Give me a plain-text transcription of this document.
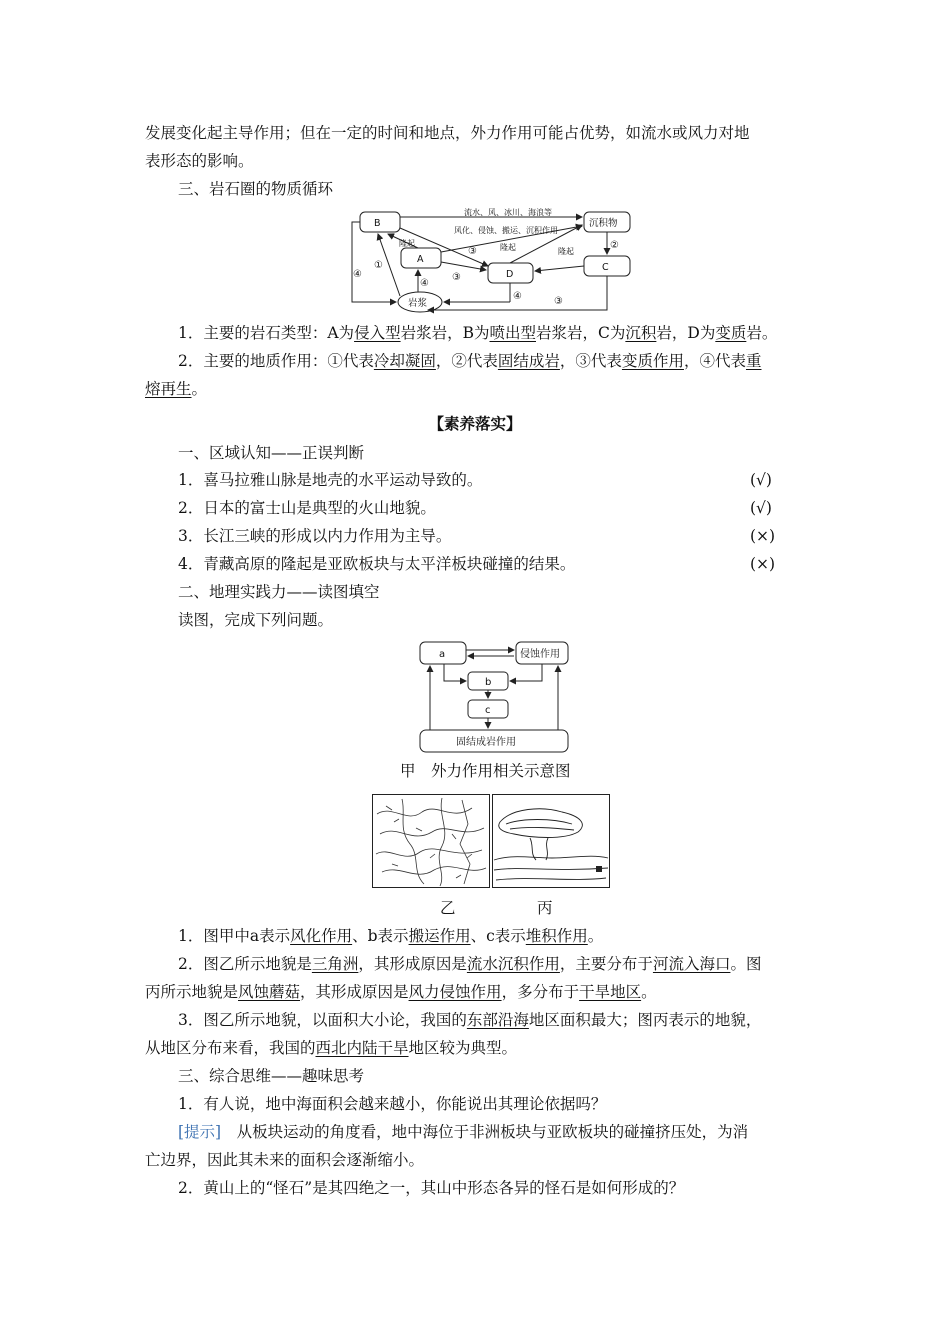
发展变化起主导作用；但在一定的时间和地点，外力作用可能占优势，如流水或风力对地
表形态的影响。
三、岩石圈的物质循环
B
A
D
C
沉积物
岩浆
流水、风、冰川、海浪等
风化、侵蚀、搬运、沉积作用
隆起
隆起
隆起
①
④
②
③
③
④
④	③
1．主要的岩石类型：A为侵入型岩浆岩，B为喷出型岩浆岩，C为沉积岩，D为变质岩。
2．主要的地质作用：①代表冷却凝固，②代表固结成岩，③代表变质作用，④代表重
熔再生。
【素养落实】
一、区域认知——正误判断
1．喜马拉雅山脉是地壳的水平运动导致的。	(√)
2．日本的富士山是典型的火山地貌。	(√)
3．长江三峡的形成以内力作用为主导。	(×)
4．青藏高原的隆起是亚欧板块与太平洋板块碰撞的结果。	(×)
二、地理实践力——读图填空
读图，完成下列问题。
a	侵蚀作用
b
c
固结成岩作用
甲　外力作用相关示意图
乙	丙
1．图甲中a表示风化作用、b表示搬运作用、c表示堆积作用。
2．图乙所示地貌是三角洲，其形成原因是流水沉积作用，主要分布于河流入海口。图
丙所示地貌是风蚀蘑菇，其形成原因是风力侵蚀作用，多分布于干旱地区。
3．图乙所示地貌，以面积大小论，我国的东部沿海地区面积最大；图丙表示的地貌，
从地区分布来看，我国的西北内陆干旱地区较为典型。
三、综合思维——趣味思考
1．有人说，地中海面积会越来越小，你能说出其理论依据吗？
[提示]　从板块运动的角度看，地中海位于非洲板块与亚欧板块的碰撞挤压处，为消
亡边界，因此其未来的面积会逐渐缩小。
2．黄山上的“怪石”是其四绝之一，其山中形态各异的怪石是如何形成的？
